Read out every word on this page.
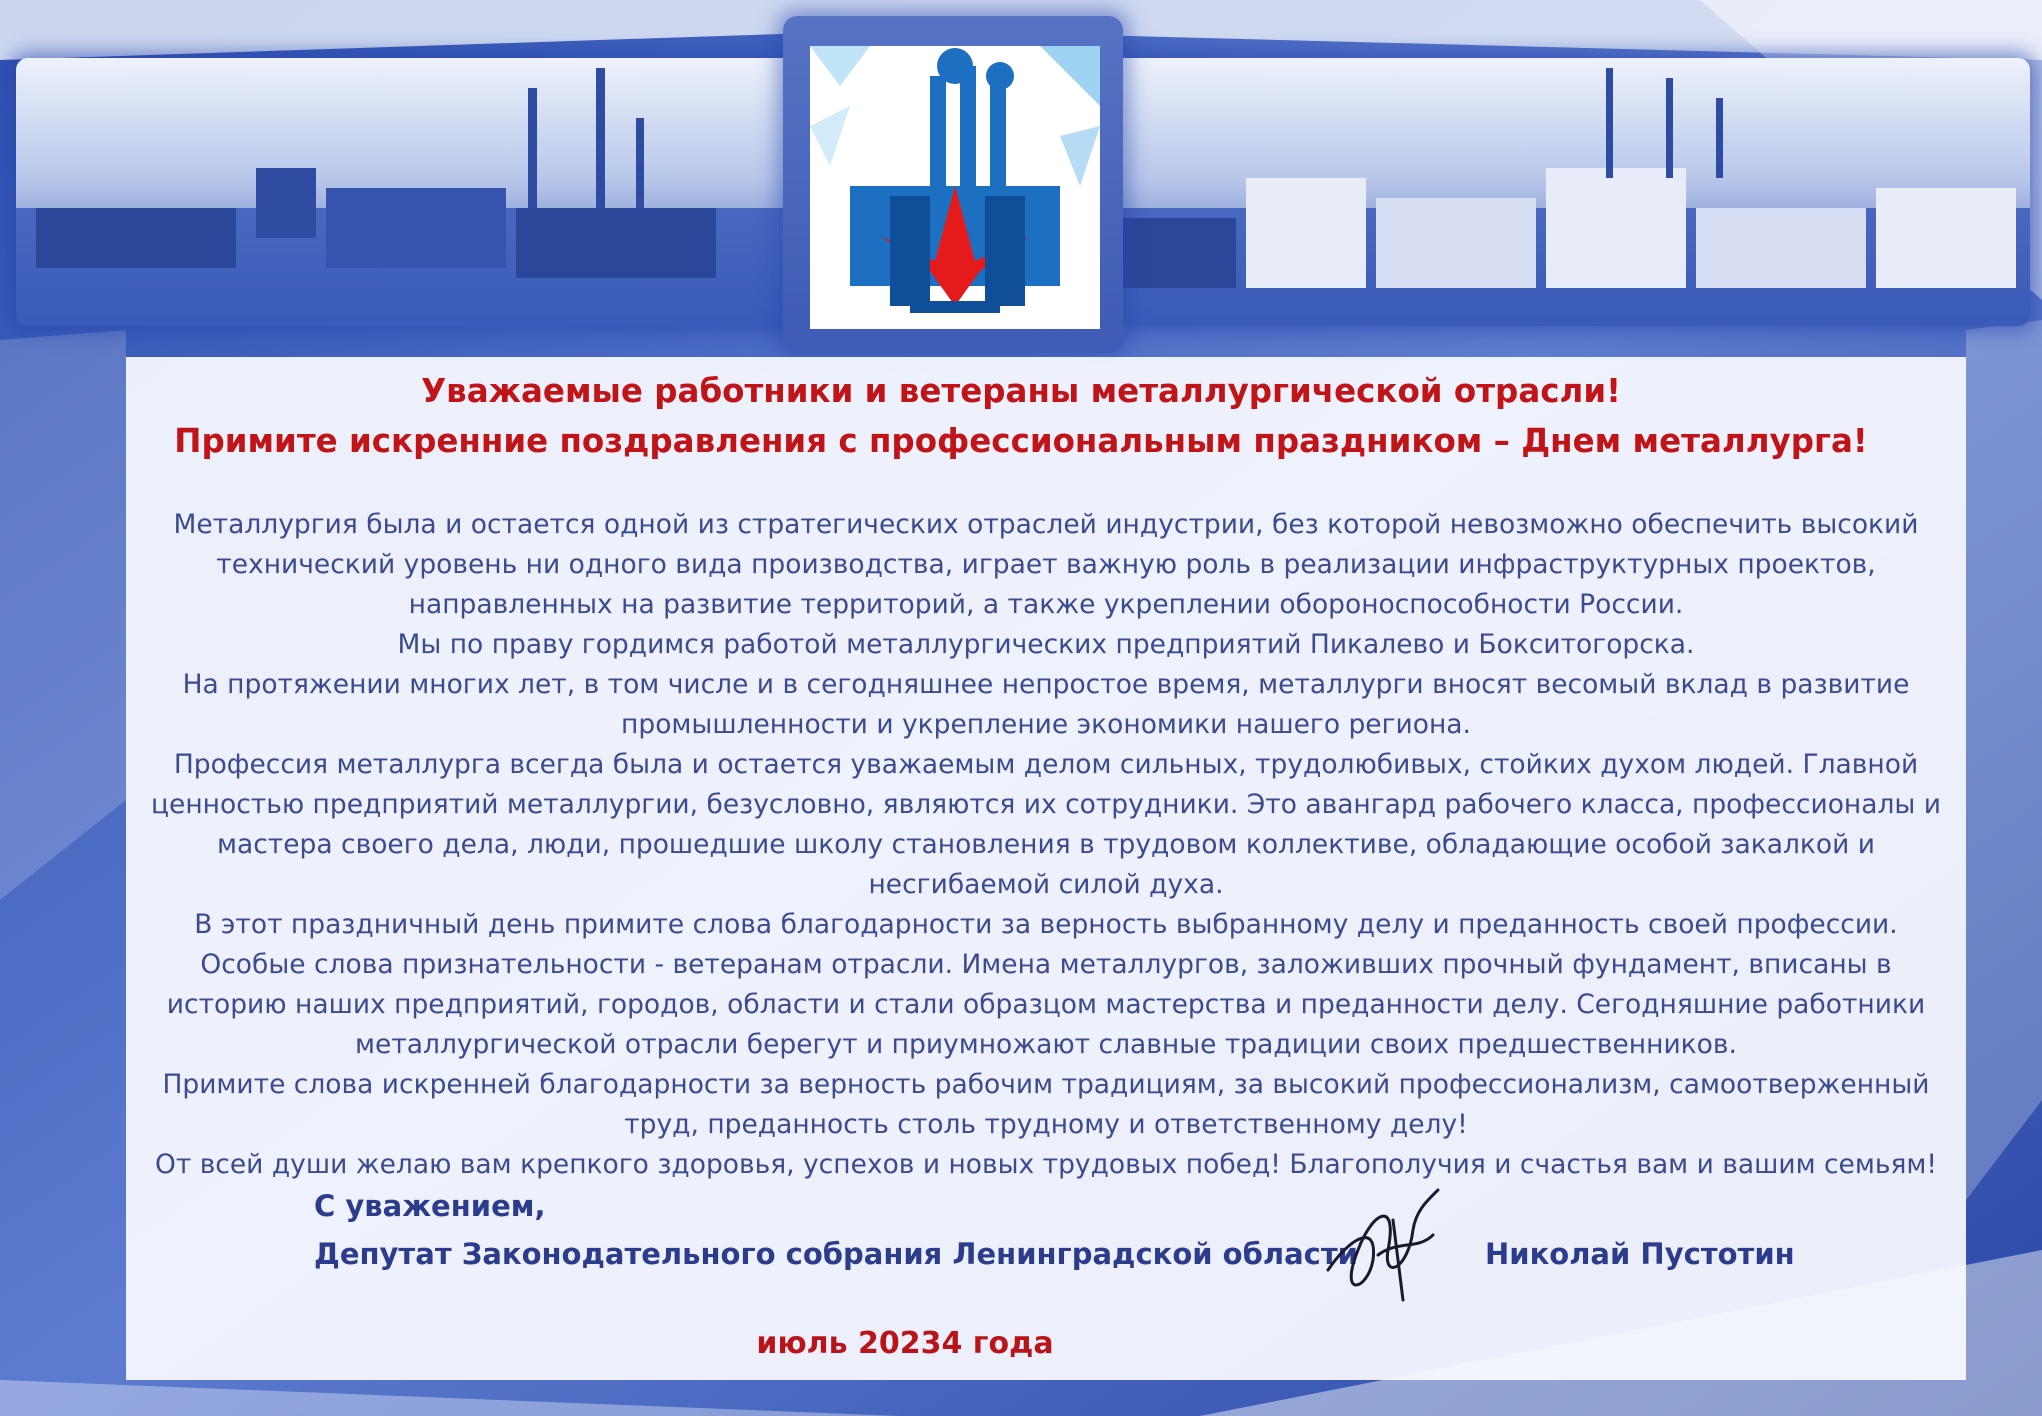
Уважаемые работники и ветераны металлургической отрасли!
Примите искренние поздравления с профессиональным праздником – Днем металлурга!

Металлургия была и остается одной из стратегических отраслей индустрии, без которой невозможно обеспечить высокий технический уровень ни одного вида производства, играет важную роль в реализации инфраструктурных проектов, направленных на развитие территорий, а также укреплении обороноспособности России.

Мы по праву гордимся работой металлургических предприятий Пикалево и Бокситогорска.

На протяжении многих лет, в том числе и в сегодняшнее непростое время, металлурги вносят весомый вклад в развитие промышленности и укрепление экономики нашего региона.

Профессия металлурга всегда была и остается уважаемым делом сильных, трудолюбивых, стойких духом людей. Главной ценностью предприятий металлургии, безусловно, являются их сотрудники. Это авангард рабочего класса, профессионалы и мастера своего дела, люди, прошедшие школу становления в трудовом коллективе, обладающие особой закалкой и несгибаемой силой духа.

В этот праздничный день примите слова благодарности за верность выбранному делу и преданность своей профессии.

Особые слова признательности - ветеранам отрасли. Имена металлургов, заложивших прочный фундамент, вписаны в историю наших предприятий, городов, области и стали образцом мастерства и преданности делу. Сегодняшние работники металлургической отрасли берегут и приумножают славные традиции своих предшественников.

Примите слова искренней благодарности за верность рабочим традициям, за высокий профессионализм, самоотверженный труд, преданность столь трудному и ответственному делу!

От всей души желаю вам крепкого здоровья, успехов и новых трудовых побед! Благополучия и счастья вам и вашим семьям!

С уважением,

Депутат Законодательного собрания Ленинградской области	Николай Пустотин

июль 20234 года
